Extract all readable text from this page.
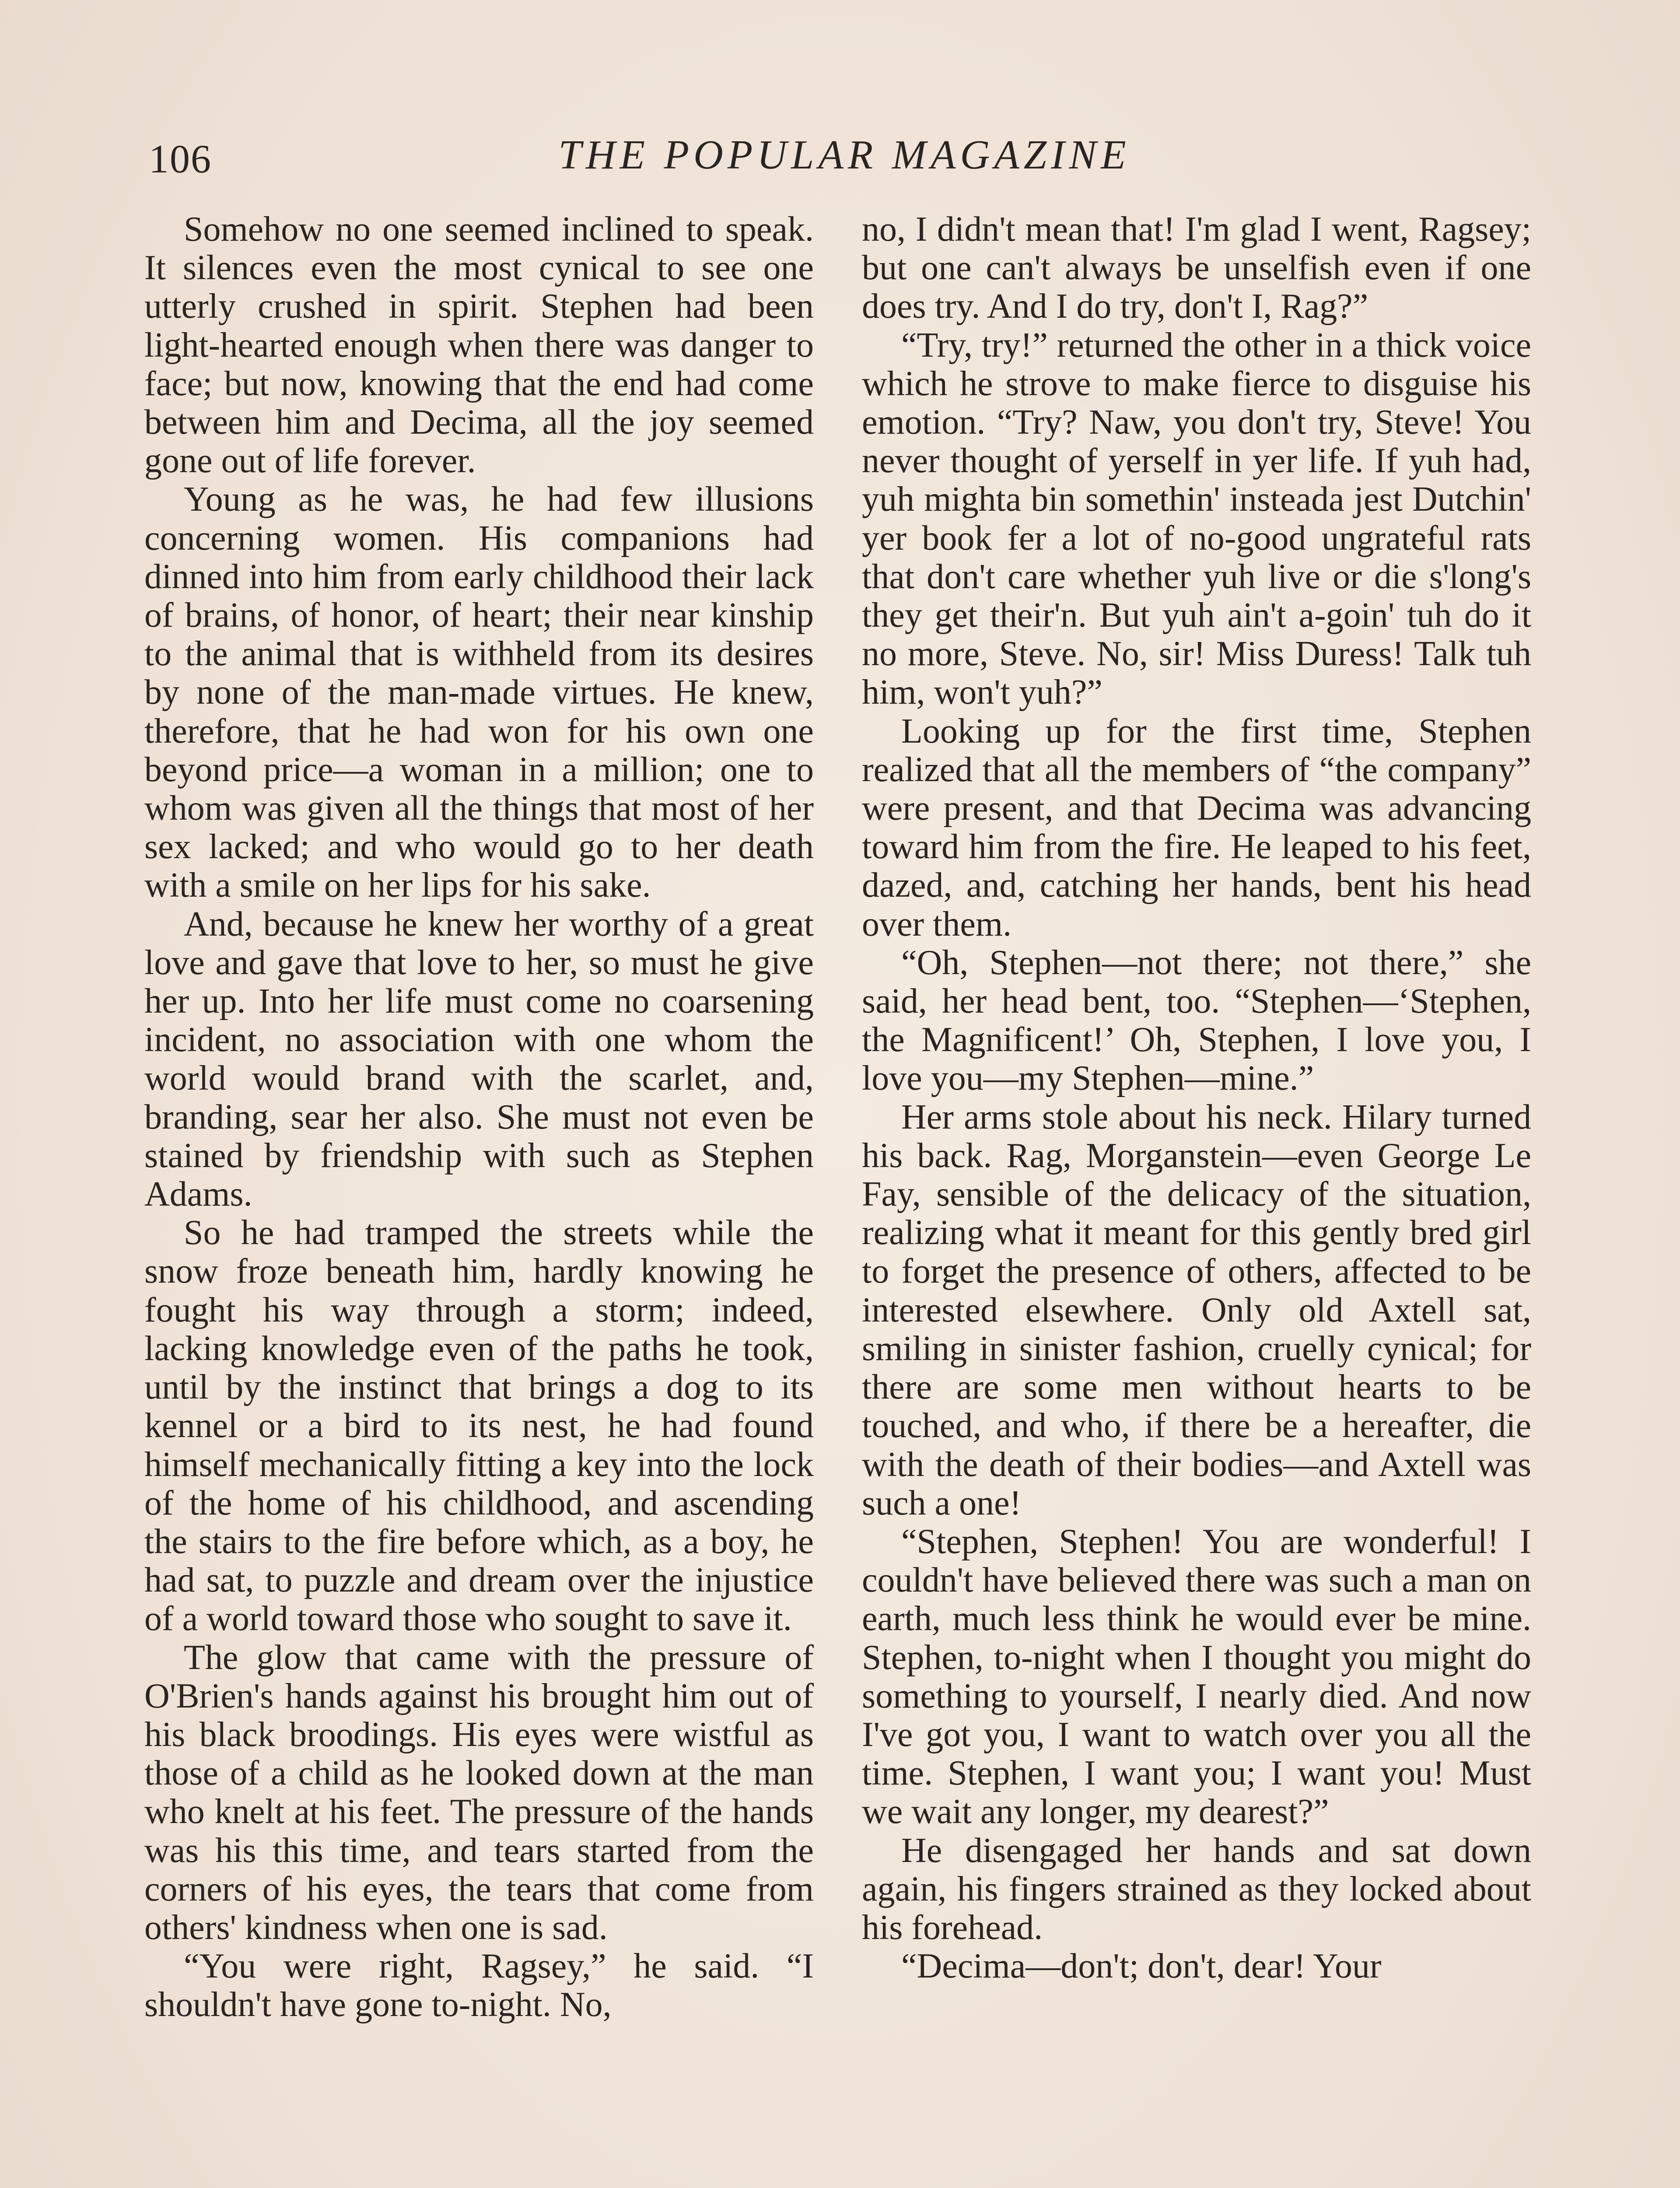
106	THE POPULAR MAGAZINE

Somehow no one seemed inclined to speak. It silences even the most cynical to see one utterly crushed in spirit. Stephen had been light-hearted enough when there was danger to face; but now, knowing that the end had come between him and Decima, all the joy seemed gone out of life forever.

Young as he was, he had few illusions concerning women. His companions had dinned into him from early childhood their lack of brains, of honor, of heart; their near kinship to the animal that is withheld from its desires by none of the man-made virtues. He knew, therefore, that he had won for his own one beyond price—a woman in a million; one to whom was given all the things that most of her sex lacked; and who would go to her death with a smile on her lips for his sake.

And, because he knew her worthy of a great love and gave that love to her, so must he give her up. Into her life must come no coarsening incident, no association with one whom the world would brand with the scarlet, and, branding, sear her also. She must not even be stained by friendship with such as Stephen Adams.

So he had tramped the streets while the snow froze beneath him, hardly knowing he fought his way through a storm; indeed, lacking knowledge even of the paths he took, until by the instinct that brings a dog to its kennel or a bird to its nest, he had found himself mechanically fitting a key into the lock of the home of his childhood, and ascending the stairs to the fire before which, as a boy, he had sat, to puzzle and dream over the injustice of a world toward those who sought to save it.

The glow that came with the pressure of O'Brien's hands against his brought him out of his black broodings. His eyes were wistful as those of a child as he looked down at the man who knelt at his feet. The pressure of the hands was his this time, and tears started from the corners of his eyes, the tears that come from others' kindness when one is sad.

“You were right, Ragsey,” he said. “I shouldn't have gone to-night. No,

no, I didn't mean that! I'm glad I went, Ragsey; but one can't always be unselfish even if one does try. And I do try, don't I, Rag?”

“Try, try!” returned the other in a thick voice which he strove to make fierce to disguise his emotion. “Try? Naw, you don't try, Steve! You never thought of yerself in yer life. If yuh had, yuh mighta bin somethin' insteada jest Dutchin' yer book fer a lot of no-good ungrateful rats that don't care whether yuh live or die s'long's they get their'n. But yuh ain't a-goin' tuh do it no more, Steve. No, sir! Miss Duress! Talk tuh him, won't yuh?”

Looking up for the first time, Stephen realized that all the members of “the company” were present, and that Decima was advancing toward him from the fire. He leaped to his feet, dazed, and, catching her hands, bent his head over them.

“Oh, Stephen—not there; not there,” she said, her head bent, too. “Stephen—‘Stephen, the Magnificent!’ Oh, Stephen, I love you, I love you—my Stephen—mine.”

Her arms stole about his neck. Hilary turned his back. Rag, Morganstein—even George Le Fay, sensible of the delicacy of the situation, realizing what it meant for this gently bred girl to forget the presence of others, affected to be interested elsewhere. Only old Axtell sat, smiling in sinister fashion, cruelly cynical; for there are some men without hearts to be touched, and who, if there be a hereafter, die with the death of their bodies—and Axtell was such a one!

“Stephen, Stephen! You are wonderful! I couldn't have believed there was such a man on earth, much less think he would ever be mine. Stephen, to-night when I thought you might do something to yourself, I nearly died. And now I've got you, I want to watch over you all the time. Stephen, I want you; I want you! Must we wait any longer, my dearest?”

He disengaged her hands and sat down again, his fingers strained as they locked about his forehead.

“Decima—don't; don't, dear! Your
